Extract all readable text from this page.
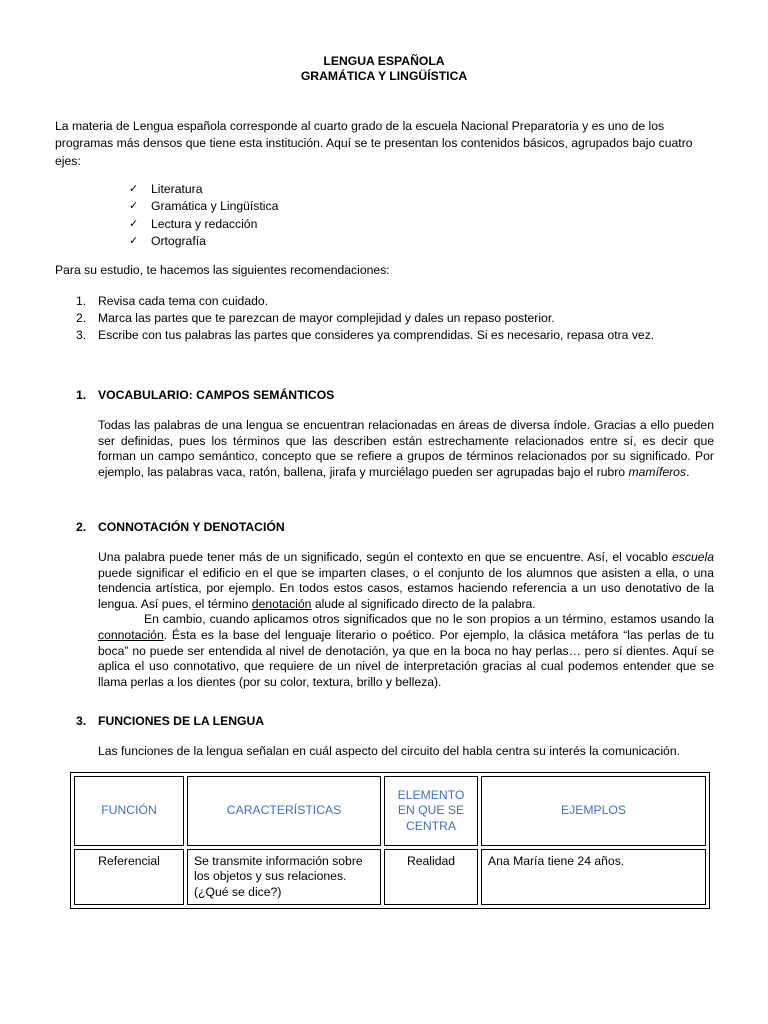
LENGUA ESPAÑOLA
GRAMÁTICA Y LINGÜÍSTICA
La materia de Lengua española corresponde al cuarto grado de la escuela Nacional Preparatoria y es uno de los programas más densos que tiene esta institución. Aquí se te presentan los contenidos básicos, agrupados bajo cuatro ejes:
✓ Literatura
✓ Gramática y Lingüística
✓ Lectura y redacción
✓ Ortografía
Para su estudio, te hacemos las siguientes recomendaciones:
1. Revisa cada tema con cuidado.
2. Marca las partes que te parezcan de mayor complejidad y dales un repaso posterior.
3. Escribe con tus palabras las partes que consideres ya comprendidas. Si es necesario, repasa otra vez.
1. VOCABULARIO: CAMPOS SEMÁNTICOS

Todas las palabras de una lengua se encuentran relacionadas en áreas de diversa índole. Gracias a ello pueden ser definidas, pues los términos que las describen están estrechamente relacionados entre sí, es decir que forman un campo semántico, concepto que se refiere a grupos de términos relacionados por su significado. Por ejemplo, las palabras vaca, ratón, ballena, jirafa y murciélago pueden ser agrupadas bajo el rubro mamíferos.

2. CONNOTACIÓN Y DENOTACIÓN

Una palabra puede tener más de un significado, según el contexto en que se encuentre. Así, el vocablo escuela puede significar el edificio en el que se imparten clases, o el conjunto de los alumnos que asisten a ella, o una tendencia artística, por ejemplo. En todos estos casos, estamos haciendo referencia a un uso denotativo de la lengua. Así pues, el término denotación alude al significado directo de la palabra.

En cambio, cuando aplicamos otros significados que no le son propios a un término, estamos usando la connotación. Ésta es la base del lenguaje literario o poético. Por ejemplo, la clásica metáfora “las perlas de tu boca” no puede ser entendida al nivel de denotación, ya que en la boca no hay perlas… pero sí dientes. Aquí se aplica el uso connotativo, que requiere de un nivel de interpretación gracias al cual podemos entender que se llama perlas a los dientes (por su color, textura, brillo y belleza).

3. FUNCIONES DE LA LENGUA
Las funciones de la lengua señalan en cuál aspecto del circuito del habla centra su interés la comunicación.
FUNCIÓN	CARACTERÍSTICAS	ELEMENTO EN QUE SE CENTRA	EJEMPLOS
Referencial	Se transmite información sobre los objetos y sus relaciones. (¿Qué se dice?)	Realidad	Ana María tiene 24 años.
